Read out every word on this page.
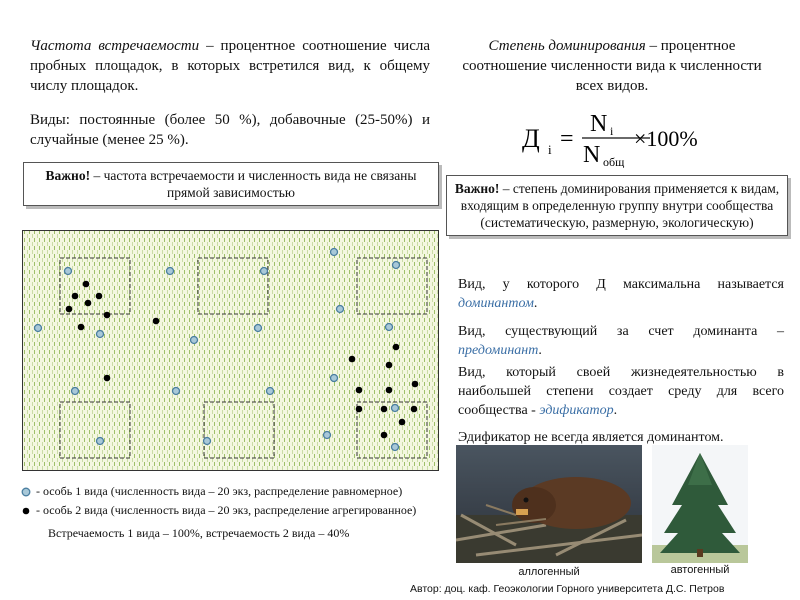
Частота встречаемости – процентное соотношение числа пробных площадок, в которых встретился вид, к общему числу площадок.
Виды: постоянные (более 50 %), добавочные (25-50%) и случайные (менее 25 %).
Важно! – частота встречаемости и численность вида не связаны прямой зависимостью
Степень доминирования – процентное соотношение численности вида к численности всех видов.
Д i =
N i
N общ
×100%
Важно! – степень доминирования применяется к видам, входящим в определенную группу внутри сообщества (систематическую, размерную, экологическую)
Вид, у которого Д максимальна называется доминантом.
Вид, существующий за счет доминанта – предоминант.
Вид, который своей жизнедеятельностью в наибольшей степени создает среду для всего сообщества - эдификатор.
Эдификатор не всегда является доминантом.
аллогенный	автогенный
- особь 1 вида (численность вида – 20 экз, распределение равномерное)
- особь 2 вида (численность вида – 20 экз, распределение агрегированное)
Встречаемость 1 вида – 100%, встречаемость 2 вида – 40%
Автор: доц. каф. Геоэкологии Горного университета Д.С. Петров
